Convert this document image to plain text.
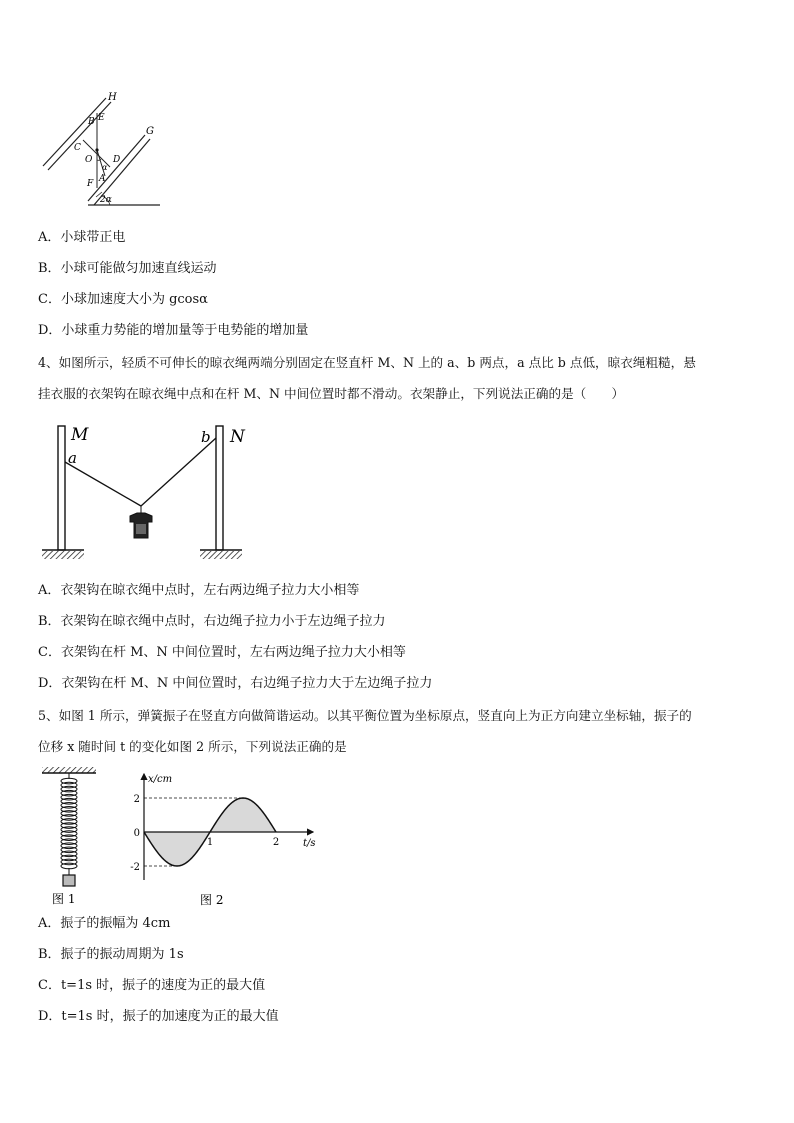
H
G
B E
C
O D
α
F A
2α
A．小球带正电
B．小球可能做匀加速直线运动
C．小球加速度大小为 gcosα
D．小球重力势能的增加量等于电势能的增加量
4、如图所示，轻质不可伸长的晾衣绳两端分别固定在竖直杆 M、N 上的 a、b 两点，a 点比 b 点低，晾衣绳粗糙，悬
挂衣服的衣架钩在晾衣绳中点和在杆 M、N 中间位置时都不滑动。衣架静止，下列说法正确的是（　　）
M
a
b N
A．衣架钩在晾衣绳中点时，左右两边绳子拉力大小相等
B．衣架钩在晾衣绳中点时，右边绳子拉力小于左边绳子拉力
C．衣架钩在杆 M、N 中间位置时，左右两边绳子拉力大小相等
D．衣架钩在杆 M、N 中间位置时，右边绳子拉力大于左边绳子拉力
5、如图 1 所示，弹簧振子在竖直方向做简谐运动。以其平衡位置为坐标原点，竖直向上为正方向建立坐标轴，振子的
位移 x 随时间 t 的变化如图 2 所示，下列说法正确的是
图 1
2
0
-2
1	2
x/cm
t/s
图 2
A．振子的振幅为 4cm
B．振子的振动周期为 1s
C．t=1s 时，振子的速度为正的最大值
D．t=1s 时，振子的加速度为正的最大值
